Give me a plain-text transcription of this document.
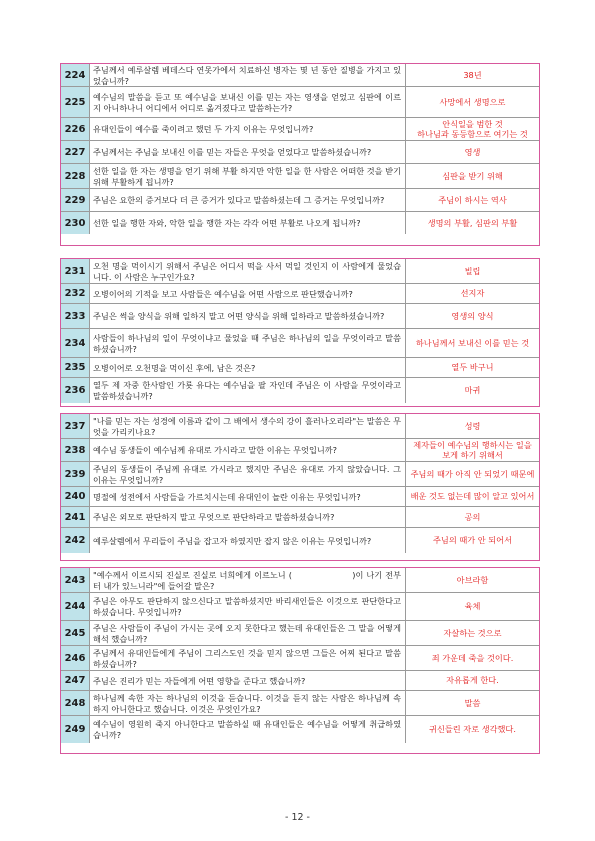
224 주님께서 예루살렘 베데스다 연못가에서 치료하신 병자는 몇 년 동안 질병을 가지고 있었습니까?
38년
225 예수님의 말씀을 듣고 또 예수님을 보내신 이를 믿는 자는 영생을 얻었고 심판에 이르지 아니하나니 어디에서 어디로 옮겨졌다고 말씀하는가?
사망에서 생명으로
226 유대인들이 예수를 죽이려고 했던 두 가지 이유는 무엇입니까?
안식일을 범한 것
하나님과 동등함으로 여기는 것
227 주님께서는 주님을 보내신 이를 믿는 자들은 무엇을 얻었다고 말씀하셨습니까?	영생
228 선한 일을 한 자는 생명을 얻기 위해 부활 하지만 악한 일을 한 사람은 어떠한 것을 받기 위해 부활하게 됩니까?
심판을 받기 위해
229 주님은 요한의 증거보다 더 큰 증거가 있다고 말씀하셨는데 그 증거는 무엇입니까?	주님이 하시는 역사
230 선한 일을 행한 자와, 악한 일을 행한 자는 각각 어떤 부활로 나오게 됩니까?	생명의 부활, 심판의 부활
231 오천 명을 먹이시기 위해서 주님은 어디서 떡을 사서 먹일 것인지 이 사람에게 물었습니다. 이 사람은 누구인가요?
빌립
232 오병이어의 기적을 보고 사람들은 예수님을 어떤 사람으로 판단했습니까?	선지자
233 주님은 썩을 양식을 위해 일하지 말고 어떤 양식을 위해 일하라고 말씀하셨습니까?	영생의 양식
234 사람들이 하나님의 일이 무엇이냐고 물었을 때 주님은 하나님의 일을 무엇이라고 말씀하셨습니까?
하나님께서 보내신 이를 믿는 것
235 오병이어로 오천명을 먹이신 후에, 남은 것은?	열두 바구니
236 열두 제 자중 한사람인 가룟 유다는 예수님을 팔 자인데 주님은 이 사람을 무엇이라고 말씀하셨습니까?
마귀
237 "나를 믿는 자는 성경에 이름과 같이 그 배에서 생수의 강이 흘러나오리라"는 말씀은 무엇을 가리키나요?
성령
238 예수님 동생들이 예수님께 유대로 가시라고 말한 이유는 무엇입니까?
제자들이 예수님의 행하시는 일을
보게 하기 위해서
239 주님의 동생들이 주님께 유대로 가시라고 했지만 주님은 유대로 가지 않았습니다. 그 이유는 무엇입니까?
주님의 때가 아직 안 되었기 때문에
240 명절에 성전에서 사람들을 가르치시는데 유대인이 놀란 이유는 무엇입니까?	배운 것도 없는데 많이 알고 있어서
241 주님은 외모로 판단하지 말고 무엇으로 판단하라고 말씀하셨습니까?	공의
242 예루살렘에서 무리들이 주님을 잡고자 하였지만 잡지 않은 이유는 무엇입니까?	주님의 때가 안 되어서
243 "예수께서 이르시되 진실로 진실로 너희에게 이르노니 (　　　　　　　)이 나기 전부터 내가 있느니라"에 들어갈 말은?
아브라함
244 주님은 아무도 판단하지 않으신다고 말씀하셨지만 바리새인들은 이것으로 판단한다고 하셨습니다. 무엇입니까?
육체
245 주님은 사람들이 주님이 가시는 곳에 오지 못한다고 했는데 유대인들은 그 말을 어떻게 해석 했습니까?
자살하는 것으로
246 주님께서 유대인들에게 주님이 그리스도인 것을 믿지 않으면 그들은 어찌 된다고 말씀하셨습니까?
죄 가운데 죽을 것이다.
247 주님은 진리가 믿는 자들에게 어떤 영향을 준다고 했습니까?	자유롭게 한다.
248 하나님께 속한 자는 하나님의 이것을 듣습니다. 이것을 듣지 않는 사람은 하나님께 속하지 아니한다고 했습니다. 이것은 무엇인가요?
말씀
249 예수님이 영원히 죽지 아니한다고 말씀하실 때 유대인들은 예수님을 어떻게 취급하였습니까?
귀신들린 자로 생각했다.
- 12 -
